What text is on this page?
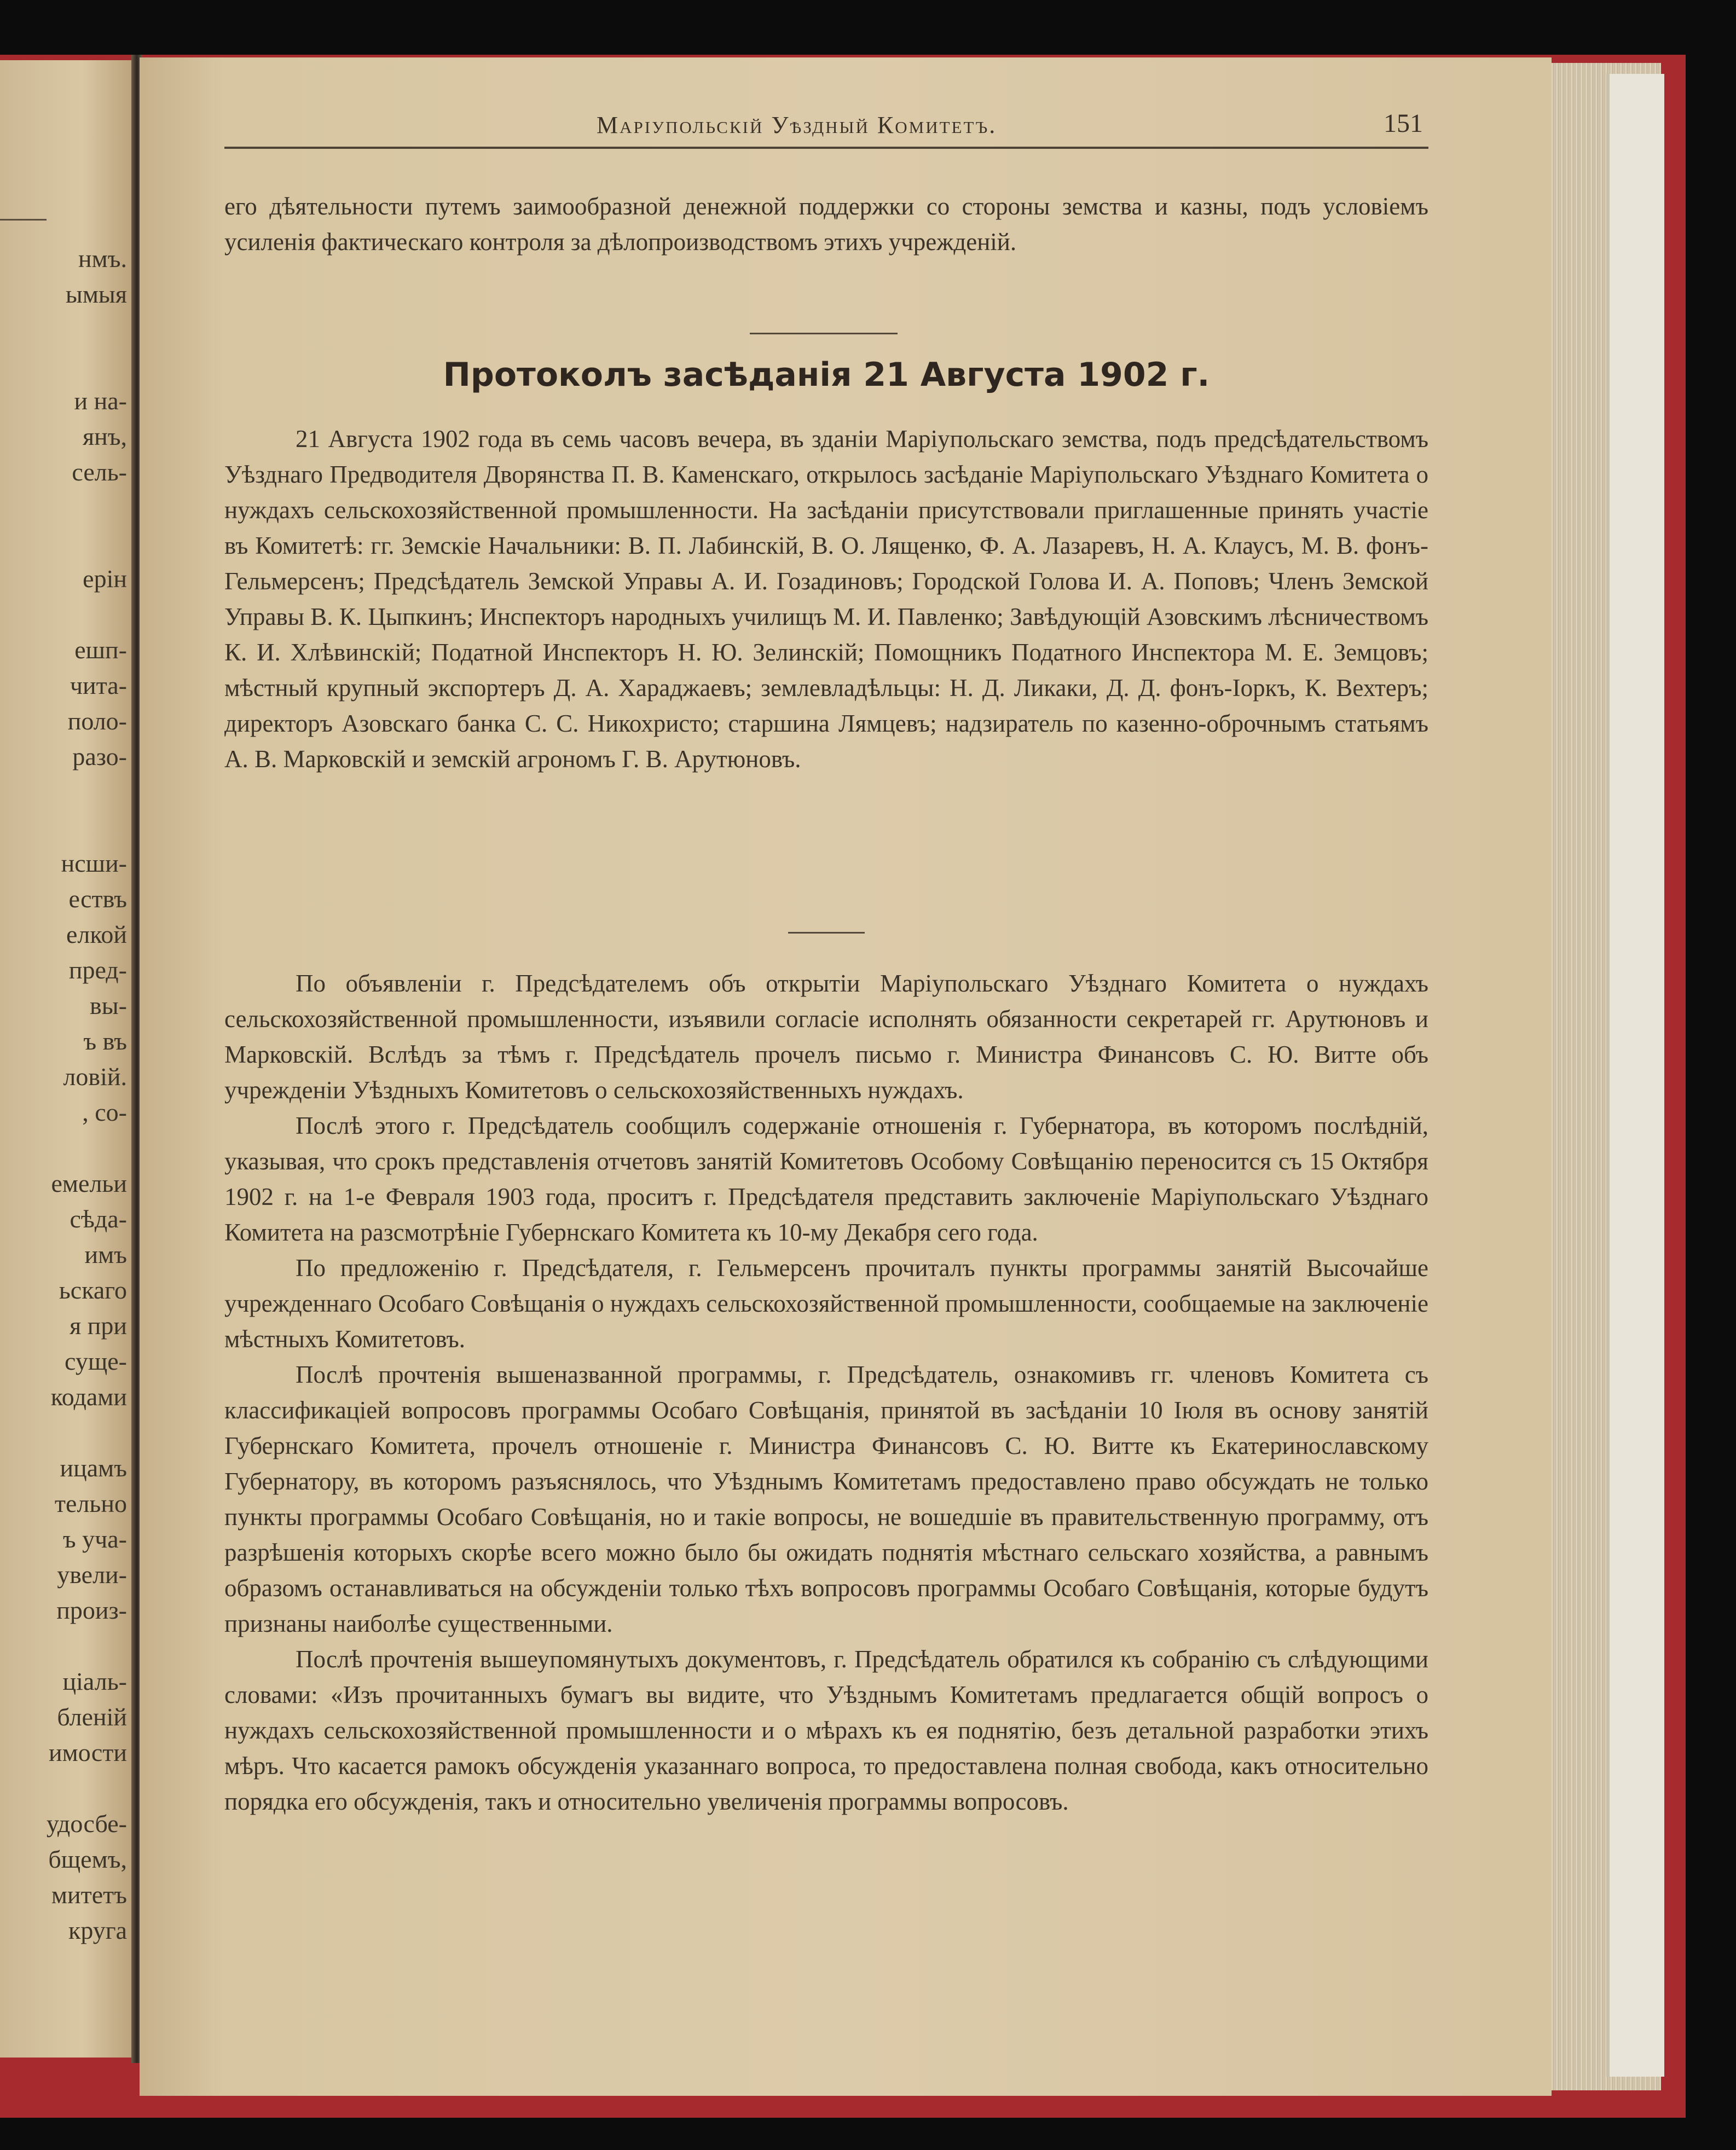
нмъ.
ымыя
и на-
янъ,
сель-
ерін
ешп-
чита-
поло-
разо-
нсши-
ествъ
елкой
пред-
вы-
ъ въ
ловій.
, со-
емельи
сѣда-
имъ
ьскаго
я при
суще-
кодами
ицамъ
тельно
ъ уча-
увели-
произ-
ціаль-
бленій
имости
удосбе-
бщемъ,
митетъ
круга
Маріупольскій Уѣздный Комитетъ.	151

его дѣятельности путемъ заимообразной денежной поддержки со стороны земства и казны, подъ условіемъ усиленія фактическаго контроля за дѣлопроизводствомъ этихъ учрежденій.

Протоколъ засѣданія 21 Августа 1902 г.

21 Августа 1902 года въ семь часовъ вечера, въ зданіи Маріупольскаго земства, подъ предсѣдательствомъ Уѣзднаго Предводителя Дворянства П. В. Каменскаго, открылось засѣданіе Маріупольскаго Уѣзднаго Комитета о нуждахъ сельскохозяйственной промышленности. На засѣданіи присутствовали приглашенные принять участіе въ Комитетѣ: гг. Земскіе Начальники: В. П. Лабинскій, В. О. Лященко, Ф. А. Лазаревъ, Н. А. Клаусъ, М. В. фонъ-Гельмерсенъ; Предсѣдатель Земской Управы А. И. Гозадиновъ; Городской Голова И. А. Поповъ; Членъ Земской Управы В. К. Цыпкинъ; Инспекторъ народныхъ училищъ М. И. Павленко; Завѣдующій Азовскимъ лѣсничествомъ К. И. Хлѣвинскій; Податной Инспекторъ Н. Ю. Зелинскій; Помощникъ Податного Инспектора М. Е. Земцовъ; мѣстный крупный экспортеръ Д. А. Хараджаевъ; землевладѣльцы: Н. Д. Ликаки, Д. Д. фонъ-Іоркъ, К. Вехтеръ; директоръ Азовскаго банка С. С. Никохристо; старшина Лямцевъ; надзиратель по казенно-оброчнымъ статьямъ А. В. Марковскій и земскій агрономъ Г. В. Арутюновъ.

По объявленіи г. Предсѣдателемъ объ открытіи Маріупольскаго Уѣзднаго Комитета о нуждахъ сельскохозяйственной промышленности, изъявили согласіе исполнять обязанности секретарей гг. Арутюновъ и Марковскій. Вслѣдъ за тѣмъ г. Предсѣдатель прочелъ письмо г. Министра Финансовъ С. Ю. Витте объ учрежденіи Уѣздныхъ Комитетовъ о сельскохозяйственныхъ нуждахъ.

Послѣ этого г. Предсѣдатель сообщилъ содержаніе отношенія г. Губернатора, въ которомъ послѣдній, указывая, что срокъ представленія отчетовъ занятій Комитетовъ Особому Совѣщанію переносится съ 15 Октября 1902 г. на 1-е Февраля 1903 года, проситъ г. Предсѣдателя представить заключеніе Маріупольскаго Уѣзднаго Комитета на разсмотрѣніе Губернскаго Комитета къ 10-му Декабря сего года.

По предложенію г. Предсѣдателя, г. Гельмерсенъ прочиталъ пункты программы занятій Высочайше учрежденнаго Особаго Совѣщанія о нуждахъ сельскохозяйственной промышленности, сообщаемые на заключеніе мѣстныхъ Комитетовъ.

Послѣ прочтенія вышеназванной программы, г. Предсѣдатель, ознакомивъ гг. членовъ Комитета съ классификаціей вопросовъ программы Особаго Совѣщанія, принятой въ засѣданіи 10 Іюля въ основу занятій Губернскаго Комитета, прочелъ отношеніе г. Министра Финансовъ С. Ю. Витте къ Екатеринославскому Губернатору, въ которомъ разъяснялось, что Уѣзднымъ Комитетамъ предоставлено право обсуждать не только пункты программы Особаго Совѣщанія, но и такіе вопросы, не вошедшіе въ правительственную программу, отъ разрѣшенія которыхъ скорѣе всего можно было бы ожидать поднятія мѣстнаго сельскаго хозяйства, а равнымъ образомъ останавливаться на обсужденіи только тѣхъ вопросовъ программы Особаго Совѣщанія, которые будутъ признаны наиболѣе существенными.

Послѣ прочтенія вышеупомянутыхъ документовъ, г. Предсѣдатель обратился къ собранію съ слѣдующими словами: «Изъ прочитанныхъ бумагъ вы видите, что Уѣзднымъ Комитетамъ предлагается общій вопросъ о нуждахъ сельскохозяйственной промышленности и о мѣрахъ къ ея поднятію, безъ детальной разработки этихъ мѣръ. Что касается рамокъ обсужденія указаннаго вопроса, то предоставлена полная свобода, какъ относительно порядка его обсужденія, такъ и относительно увеличенія программы вопросовъ.
